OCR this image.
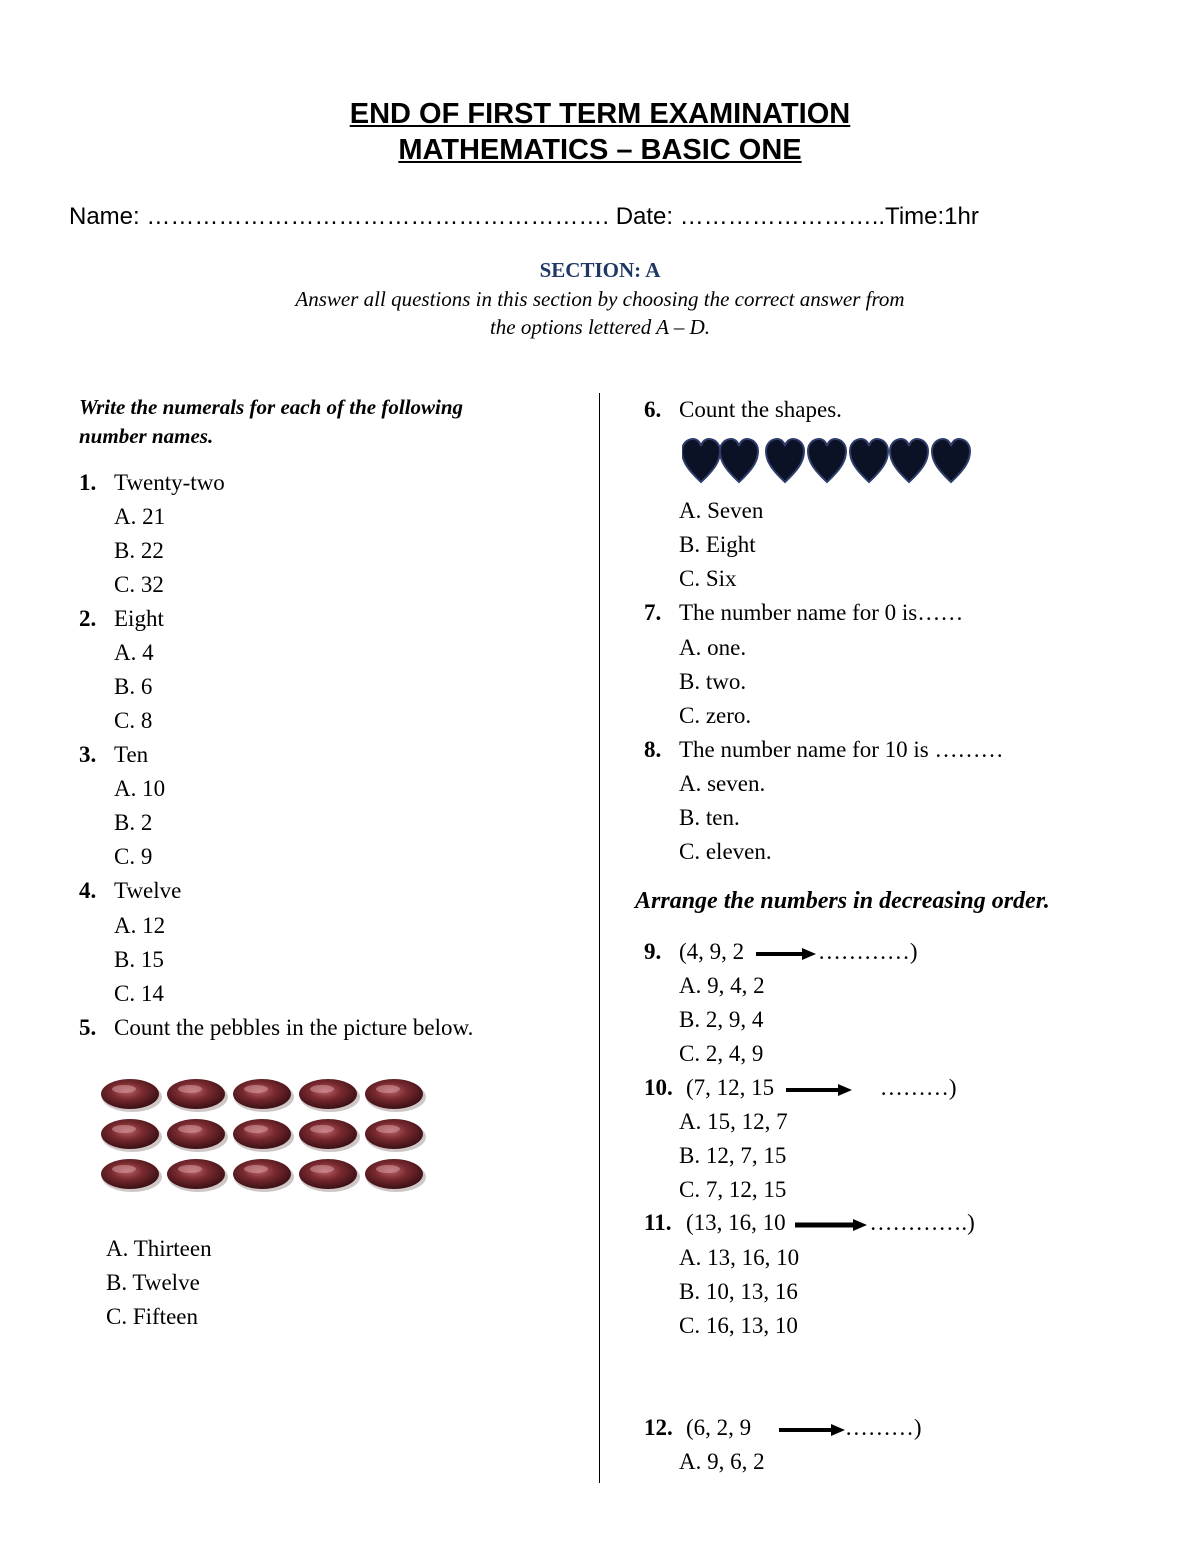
END OF FIRST TERM EXAMINATION
MATHEMATICS – BASIC ONE
Name: …………………………………………………. Date: ……………………..Time:1hr
SECTION: A
Answer all questions in this section by choosing the correct answer from
the options lettered A – D.
Write the numerals for each of the following
number names.
1. Twenty-two
A. 21
B. 22
C. 32
2. Eight
A. 4
B. 6
C. 8
3. Ten
A. 10
B. 2
C. 9
4. Twelve
A. 12
B. 15
C. 14
5. Count the pebbles in the picture below.
A. Thirteen
B. Twelve
C. Fifteen
6. Count the shapes.
A. Seven
B. Eight
C. Six
7. The number name for 0 is……
A. one.
B. two.
C. zero.
8. The number name for 10 is ………
A. seven.
B. ten.
C. eleven.
Arrange the numbers in decreasing order.
9. (4, 9, 2	…………)
A. 9, 4, 2
B. 2, 9, 4
C. 2, 4, 9
10. (7, 12, 15	………)
A. 15, 12, 7
B. 12, 7, 15
C. 7, 12, 15
11. (13, 16, 10	………….)
A. 13, 16, 10
B. 10, 13, 16
C. 16, 13, 10
12. (6, 2, 9	………)
A. 9, 6, 2
